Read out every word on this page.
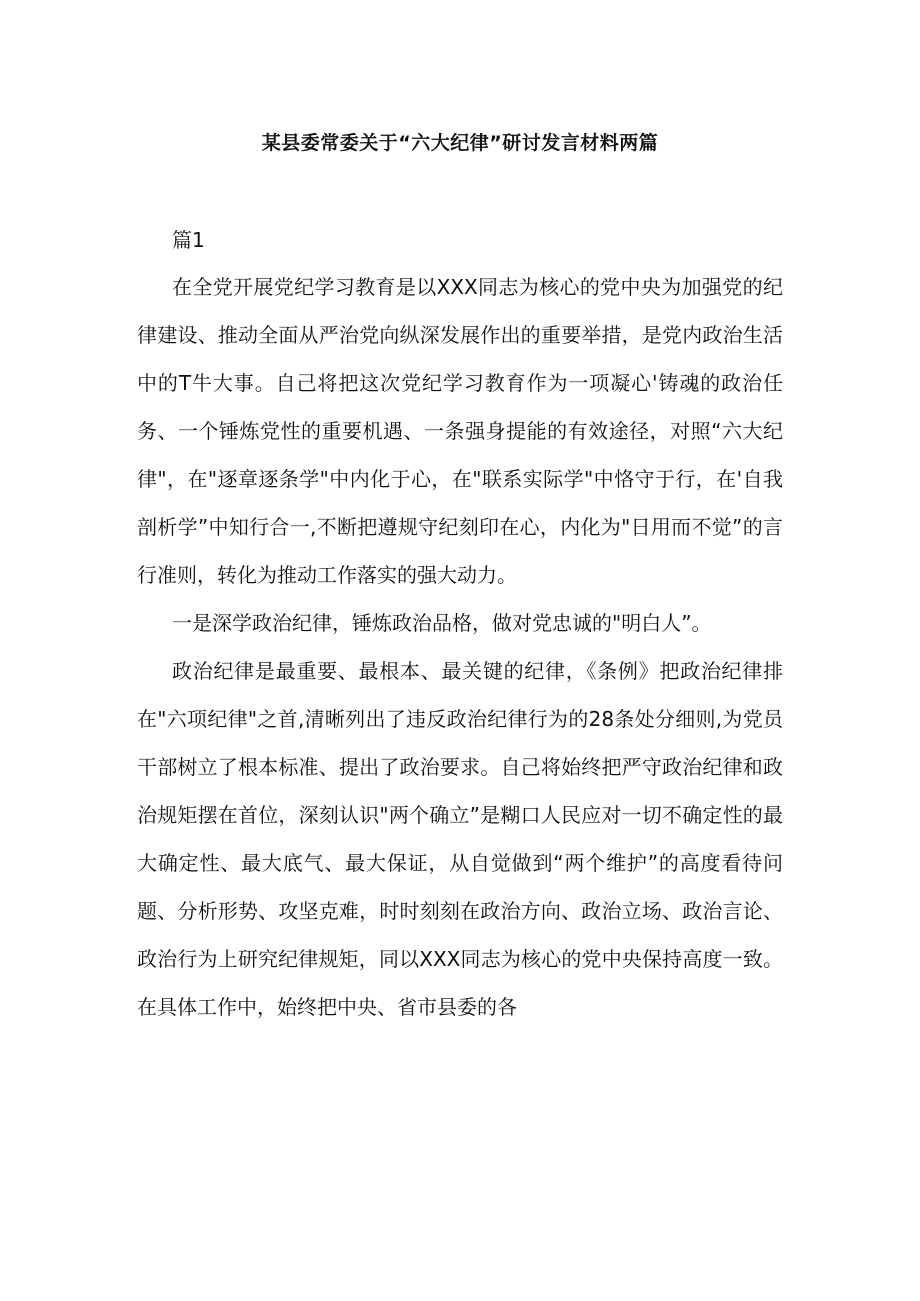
某县委常委关于“六大纪律”研讨发言材料两篇
篇1

在全党开展党纪学习教育是以XXX同志为核心的党中央为加强党的纪律建设、推动全面从严治党向纵深发展作出的重要举措，是党内政治生活中的T牛大事。自己将把这次党纪学习教育作为一项凝心'铸魂的政治任务、一个锤炼党性的重要机遇、一条强身提能的有效途径，对照“六大纪律"，在"逐章逐条学"中内化于心，在"联系实际学"中恪守于行，在'自我剖析学”中知行合一,不断把遵规守纪刻印在心，内化为"日用而不觉”的言行准则，转化为推动工作落实的强大动力。

一是深学政治纪律，锤炼政治品格，做对党忠诚的"明白人”。

政治纪律是最重要、最根本、最关键的纪律，《条例》把政治纪律排在"六项纪律"之首,清晰列出了违反政治纪律行为的28条处分细则,为党员干部树立了根本标准、提出了政治要求。自己将始终把严守政治纪律和政治规矩摆在首位，深刻认识"两个确立”是糊口人民应对一切不确定性的最大确定性、最大底气、最大保证，从自觉做到“两个维护”的高度看待问题、分析形势、攻坚克难，时时刻刻在政治方向、政治立场、政治言论、政治行为上研究纪律规矩，同以XXX同志为核心的党中央保持高度一致。在具体工作中，始终把中央、省市县委的各
